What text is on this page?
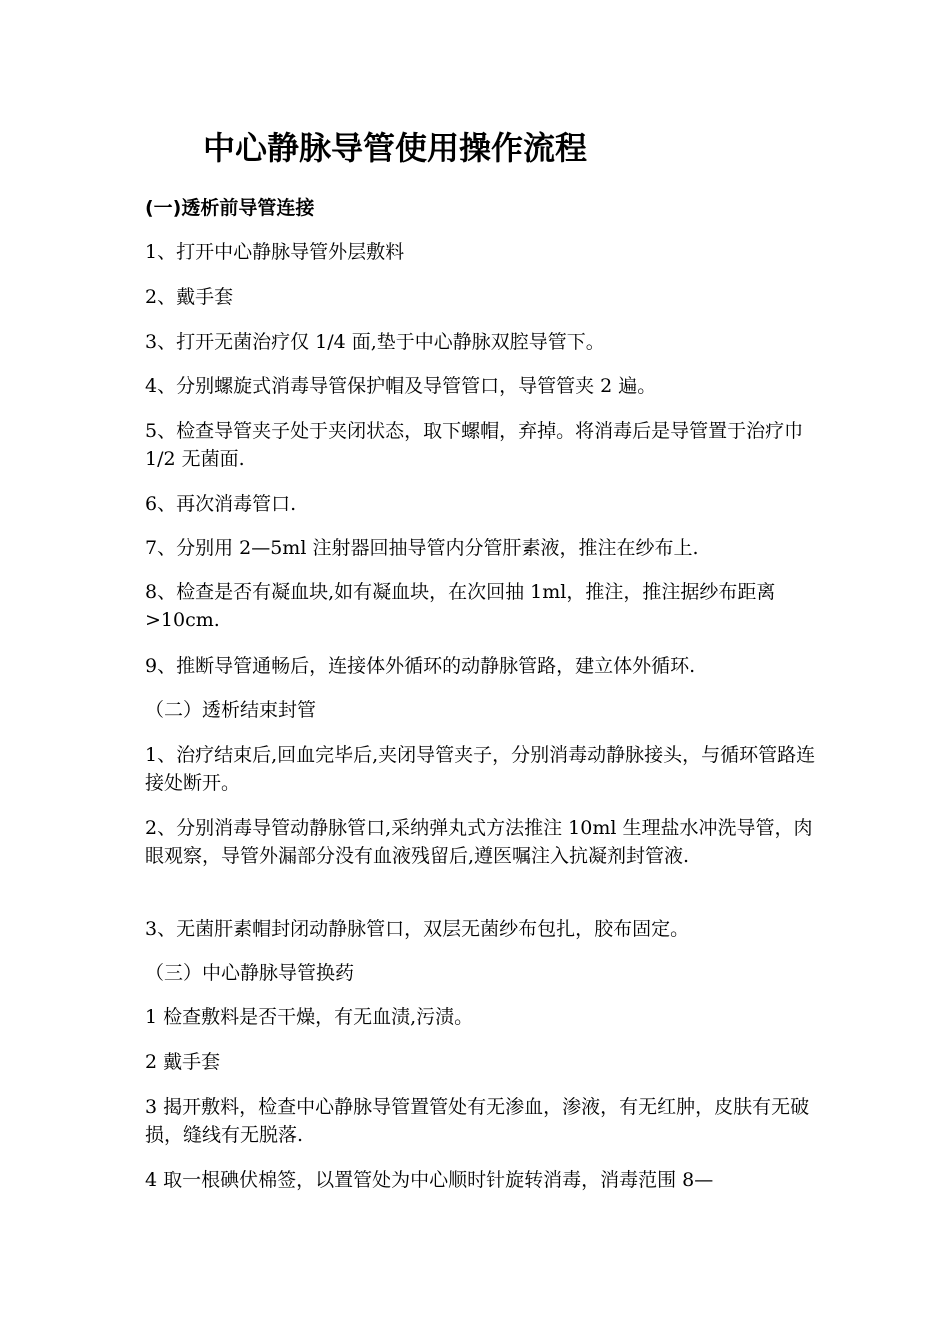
中心静脉导管使用操作流程

(一)透析前导管连接

1、打开中心静脉导管外层敷料

2、戴手套

3、打开无菌治疗仅 1/4 面,垫于中心静脉双腔导管下。

4、分别螺旋式消毒导管保护帽及导管管口，导管管夹 2 遍。

5、检查导管夹子处于夹闭状态，取下螺帽，弃掉。将消毒后是导管置于治疗巾 1/2 无菌面.

6、再次消毒管口.

7、分别用 2—5ml 注射器回抽导管内分管肝素液，推注在纱布上.

8、检查是否有凝血块,如有凝血块，在次回抽 1ml，推注，推注据纱布距离>10cm.

9、推断导管通畅后，连接体外循环的动静脉管路，建立体外循环.

（二）透析结束封管

1、治疗结束后,回血完毕后,夹闭导管夹子，分别消毒动静脉接头，与循环管路连接处断开。

2、分别消毒导管动静脉管口,采纳弹丸式方法推注 10ml 生理盐水冲洗导管，肉眼观察，导管外漏部分没有血液残留后,遵医嘱注入抗凝剂封管液.

3、无菌肝素帽封闭动静脉管口，双层无菌纱布包扎，胶布固定。

（三）中心静脉导管换药

1 检查敷料是否干燥，有无血渍,污渍。

2 戴手套

3 揭开敷料，检查中心静脉导管置管处有无渗血，渗液，有无红肿，皮肤有无破损，缝线有无脱落.

4 取一根碘伏棉签，以置管处为中心顺时针旋转消毒，消毒范围 8—
